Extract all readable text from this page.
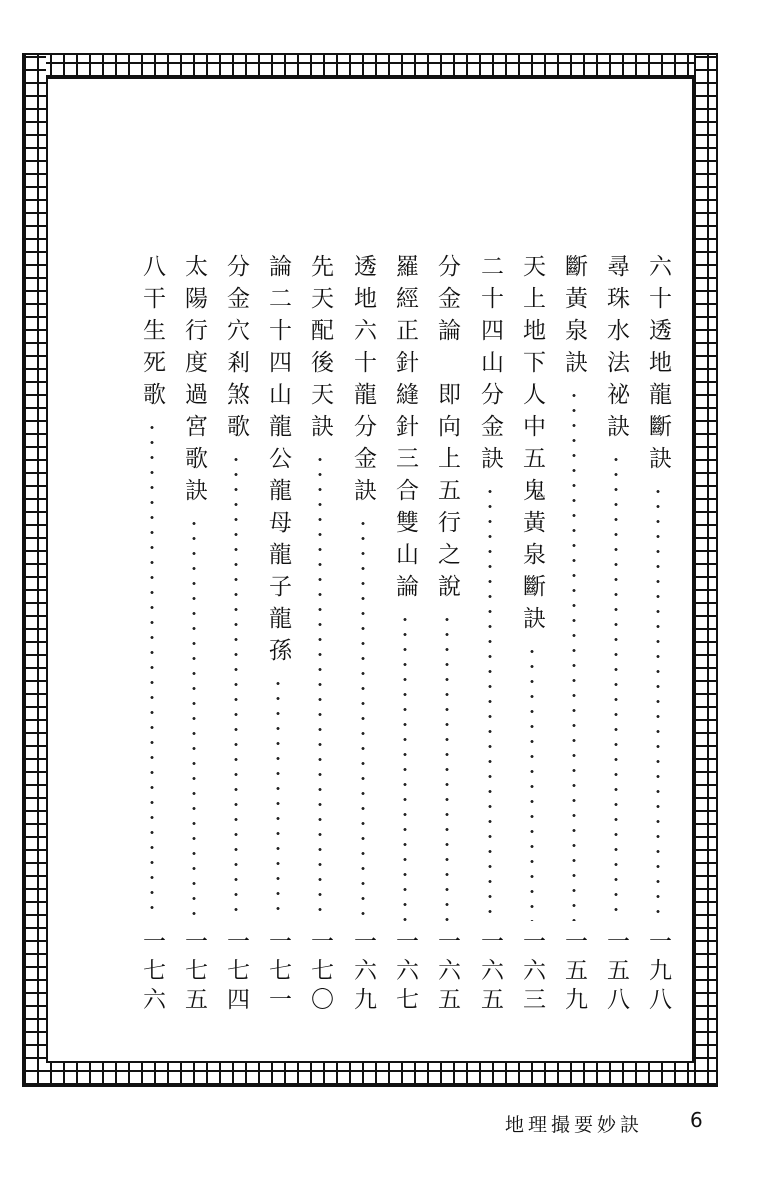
六十透地龍斷訣
一九八
尋珠水法祕訣
一五八
斷黃泉訣
一五九
天上地下人中五鬼黃泉斷訣
一六三
二十四山分金訣
一六五
分金論　即向上五行之說
一六五
羅經正針縫針三合雙山論
一六七
透地六十龍分金訣
一六九
先天配後天訣
一七〇
論二十四山龍公龍母龍子龍孫
一七一
分金穴剎煞歌
一七四
太陽行度過宮歌訣
一七五
八干生死歌
一七六
地理撮要妙訣 6
